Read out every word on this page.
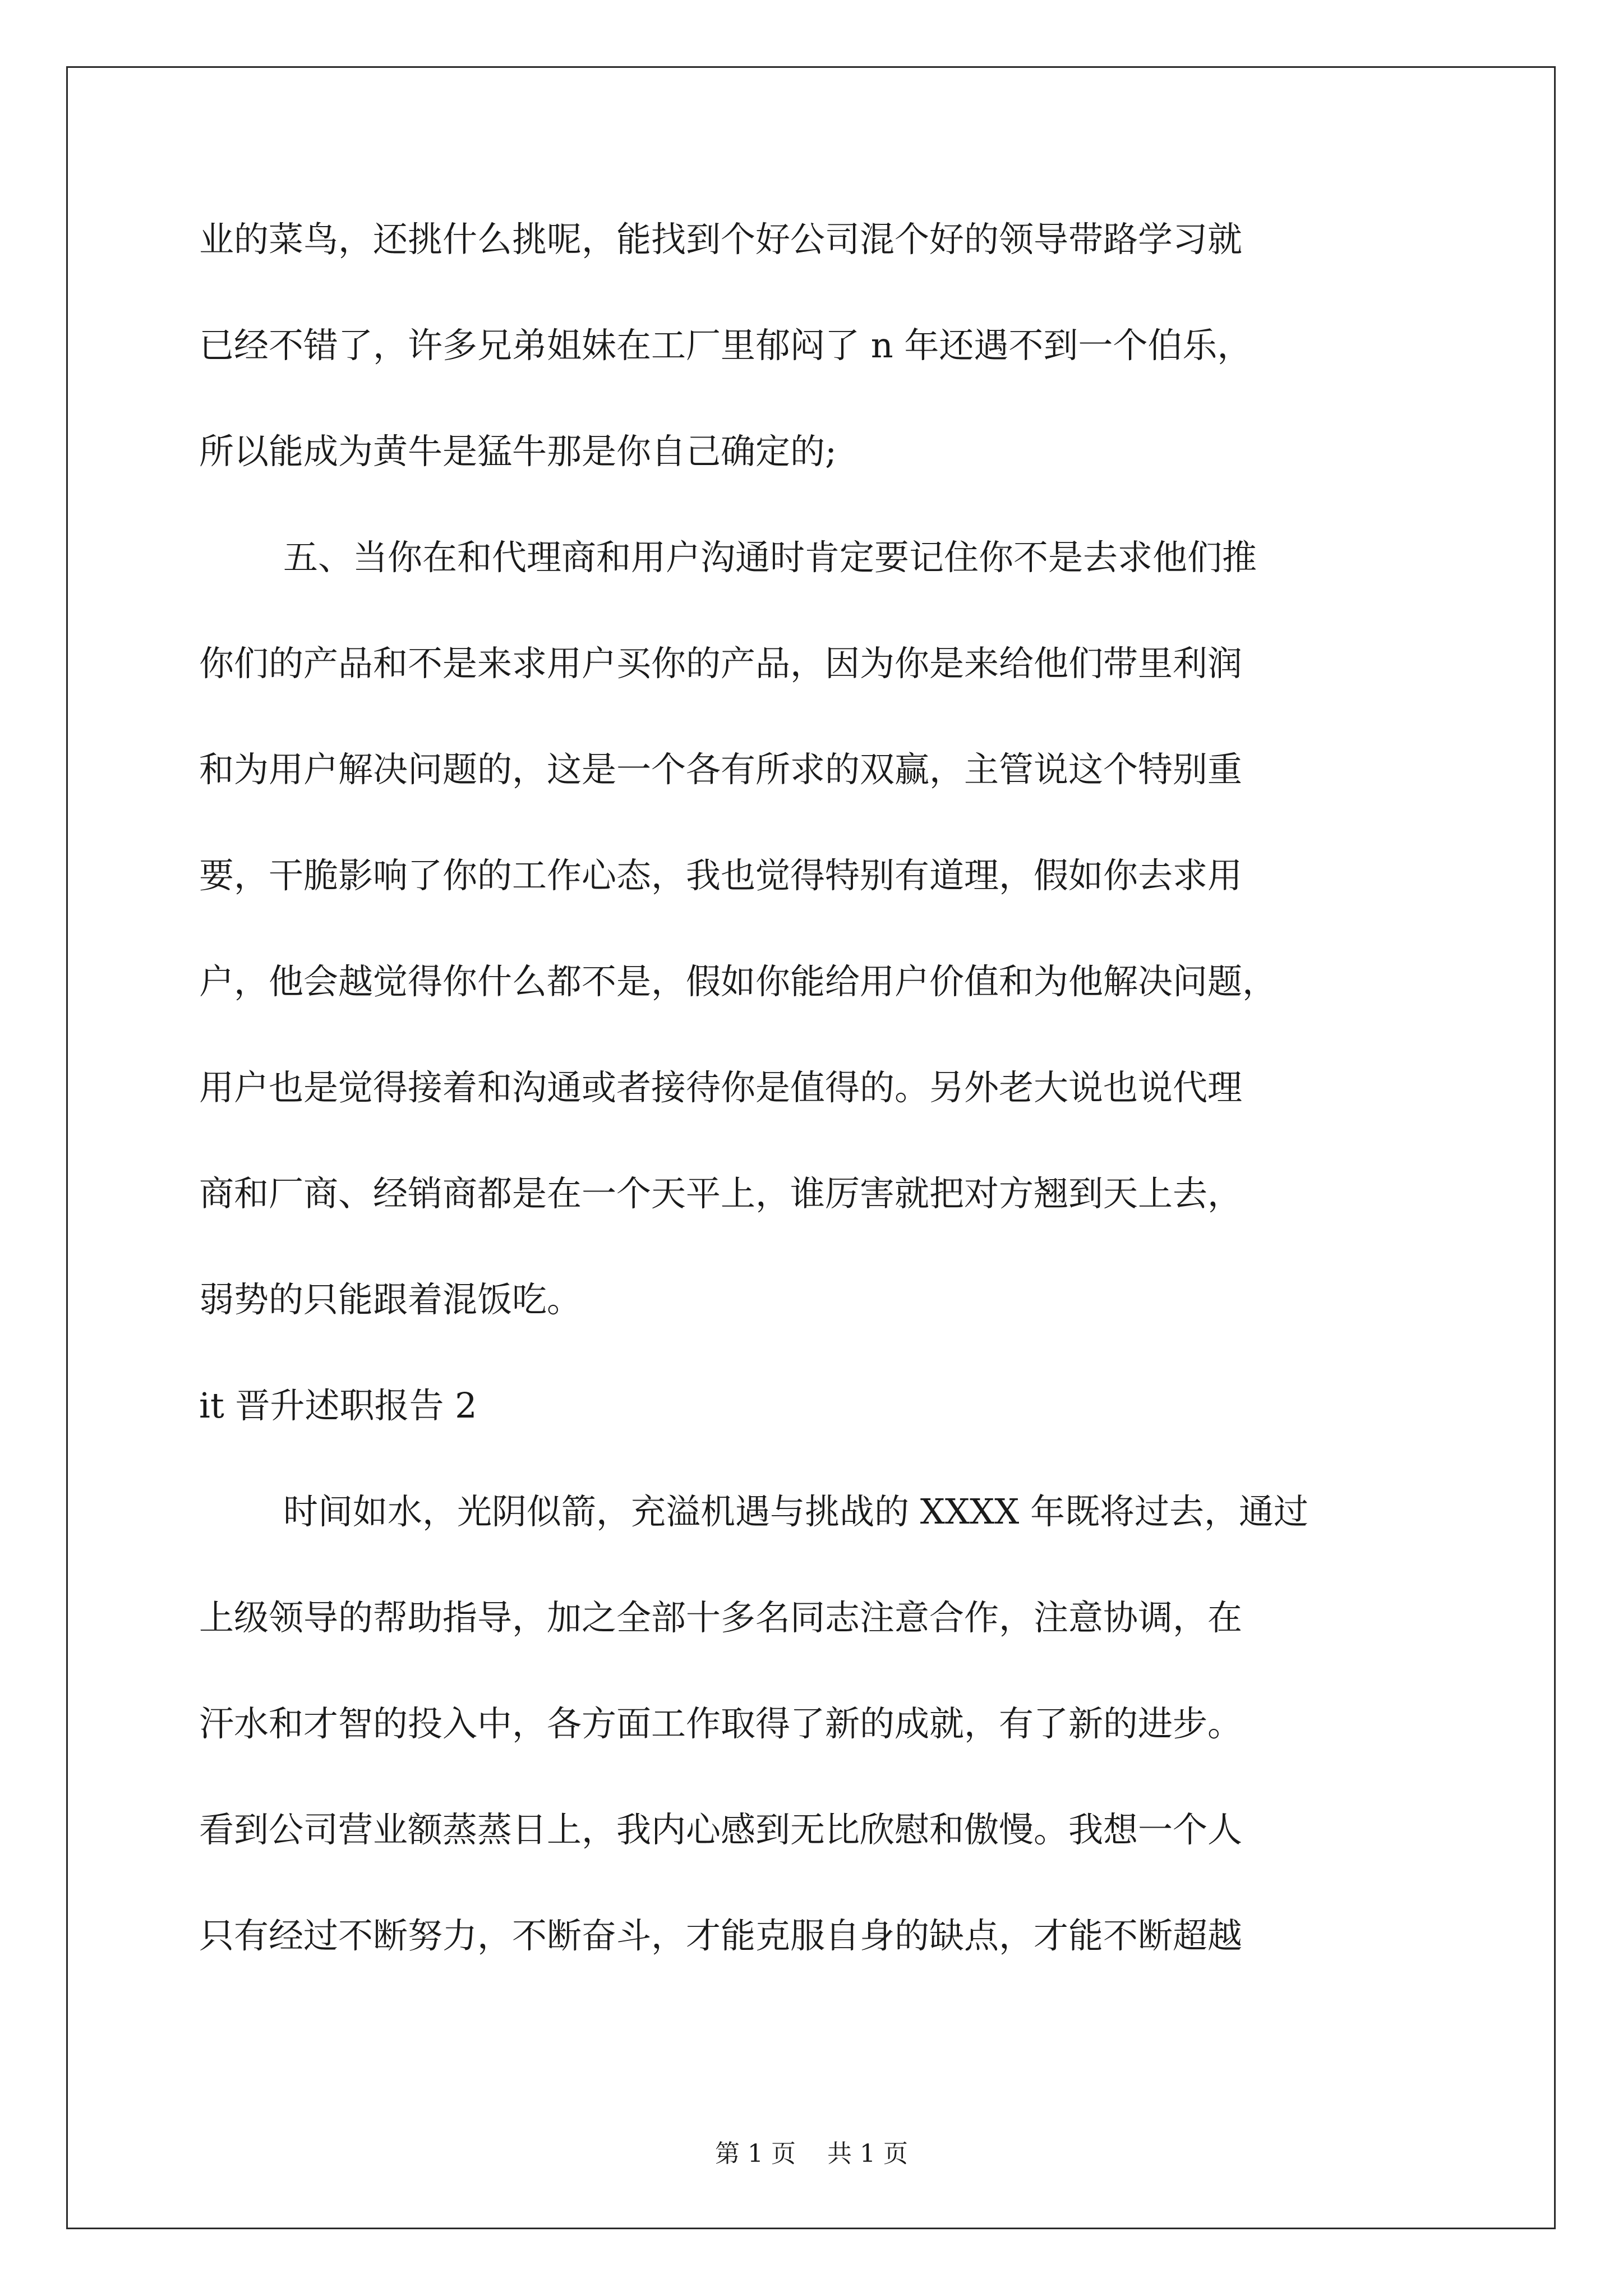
业的菜鸟，还挑什么挑呢，能找到个好公司混个好的领导带路学习就
已经不错了，许多兄弟姐妹在工厂里郁闷了 n 年还遇不到一个伯乐，
所以能成为黄牛是猛牛那是你自己确定的;
五、当你在和代理商和用户沟通时肯定要记住你不是去求他们推
你们的产品和不是来求用户买你的产品，因为你是来给他们带里利润
和为用户解决问题的，这是一个各有所求的双赢，主管说这个特别重
要，干脆影响了你的工作心态，我也觉得特别有道理，假如你去求用
户，他会越觉得你什么都不是，假如你能给用户价值和为他解决问题，
用户也是觉得接着和沟通或者接待你是值得的。另外老大说也说代理
商和厂商、经销商都是在一个天平上，谁厉害就把对方翘到天上去，
弱势的只能跟着混饭吃。
it 晋升述职报告 2
时间如水，光阴似箭，充溢机遇与挑战的 XXXX 年既将过去，通过
上级领导的帮助指导，加之全部十多名同志注意合作，注意协调，在
汗水和才智的投入中，各方面工作取得了新的成就，有了新的进步。
看到公司营业额蒸蒸日上，我内心感到无比欣慰和傲慢。我想一个人
只有经过不断努力，不断奋斗，才能克服自身的缺点，才能不断超越
第 1 页 共 1 页
